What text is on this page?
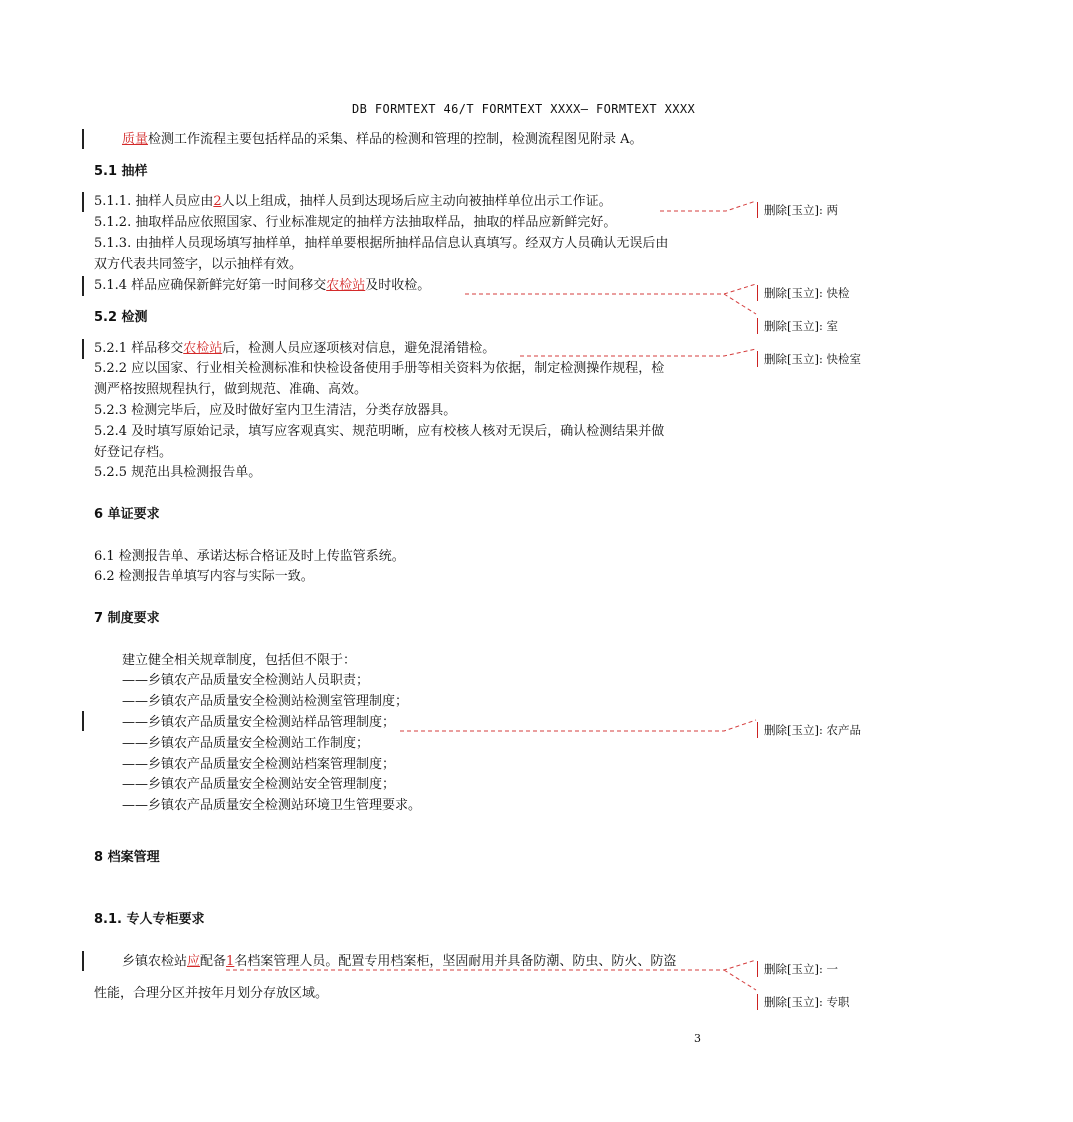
DB FORMTEXT 46/T FORMTEXT XXXX— FORMTEXT XXXX
质量检测工作流程主要包括样品的采集、样品的检测和管理的控制，检测流程图见附录 A。
5.1 抽样
5.1.1. 抽样人员应由2人以上组成，抽样人员到达现场后应主动向被抽样单位出示工作证。
5.1.2. 抽取样品应依照国家、行业标准规定的抽样方法抽取样品，抽取的样品应新鲜完好。
5.1.3. 由抽样人员现场填写抽样单，抽样单要根据所抽样品信息认真填写。经双方人员确认无误后由
双方代表共同签字，以示抽样有效。
5.1.4 样品应确保新鲜完好第一时间移交农检站及时收检。
5.2 检测
5.2.1 样品移交农检站后，检测人员应逐项核对信息，避免混淆错检。
5.2.2 应以国家、行业相关检测标准和快检设备使用手册等相关资料为依据，制定检测操作规程，检
测严格按照规程执行，做到规范、准确、高效。
5.2.3 检测完毕后，应及时做好室内卫生清洁，分类存放器具。
5.2.4 及时填写原始记录，填写应客观真实、规范明晰，应有校核人核对无误后，确认检测结果并做
好登记存档。
5.2.5 规范出具检测报告单。
6 单证要求
6.1 检测报告单、承诺达标合格证及时上传监管系统。
6.2 检测报告单填写内容与实际一致。
7 制度要求
建立健全相关规章制度，包括但不限于：
——乡镇农产品质量安全检测站人员职责；
——乡镇农产品质量安全检测站检测室管理制度；
——乡镇农产品质量安全检测站样品管理制度；
——乡镇农产品质量安全检测站工作制度；
——乡镇农产品质量安全检测站档案管理制度；
——乡镇农产品质量安全检测站安全管理制度；
——乡镇农产品质量安全检测站环境卫生管理要求。
8 档案管理
8.1. 专人专柜要求
乡镇农检站应配备1名档案管理人员。配置专用档案柜，坚固耐用并具备防潮、防虫、防火、防盗
性能，合理分区并按年月划分存放区域。
删除[玉立]: 两
删除[玉立]: 快检
删除[玉立]: 室
删除[玉立]: 快检室
删除[玉立]: 农产品
删除[玉立]: 一
删除[玉立]: 专职
3
